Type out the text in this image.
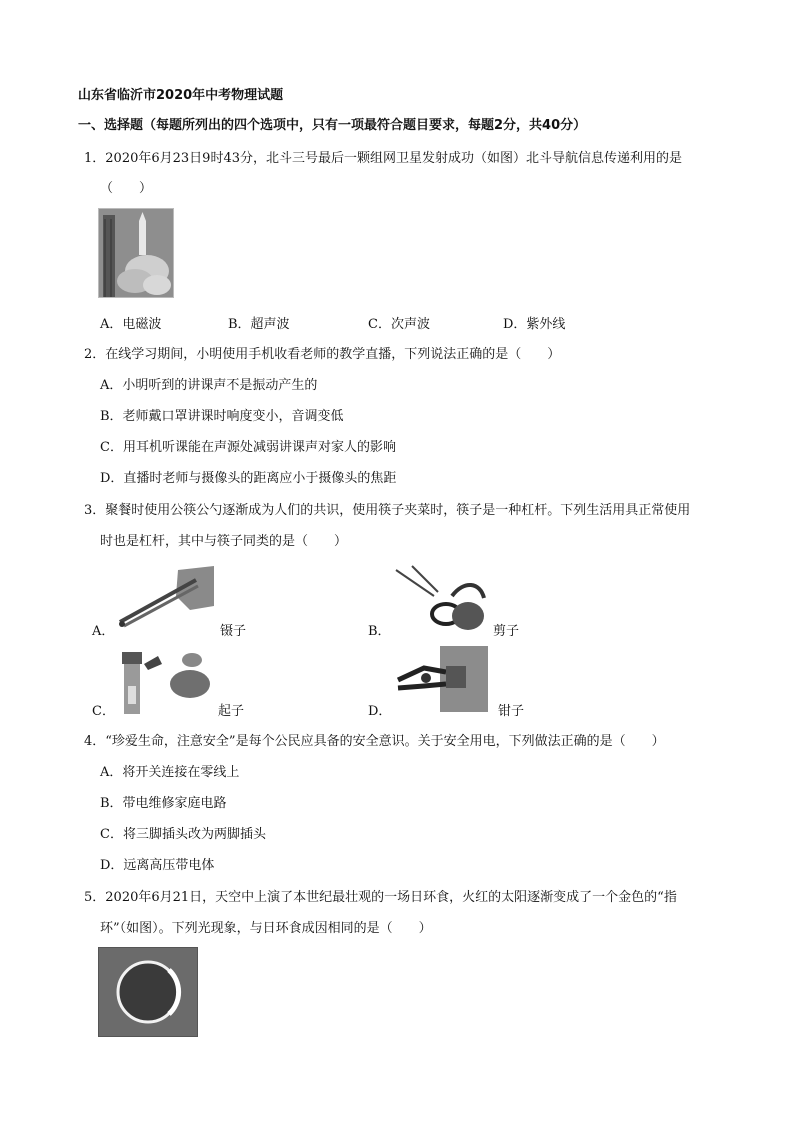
山东省临沂市2020年中考物理试题
一、选择题（每题所列出的四个选项中，只有一项最符合题目要求，每题2分，共40分）
1．2020年6月23日9时43分，北斗三号最后一颗组网卫星发射成功（如图）北斗导航信息传递利用的是
（　　）
A．电磁波	B．超声波	C．次声波	D．紫外线
2．在线学习期间，小明使用手机收看老师的教学直播，下列说法正确的是（　　）
A．小明听到的讲课声不是振动产生的
B．老师戴口罩讲课时响度变小，音调变低
C．用耳机听课能在声源处减弱讲课声对家人的影响
D．直播时老师与摄像头的距离应小于摄像头的焦距
3．聚餐时使用公筷公勺逐渐成为人们的共识，使用筷子夹菜时，筷子是一种杠杆。下列生活用具正常使用
时也是杠杆，其中与筷子同类的是（　　）
A．	镊子	B．	剪子
C．	起子	D．	钳子
4．“珍爱生命，注意安全”是每个公民应具备的安全意识。关于安全用电，下列做法正确的是（　　）
A．将开关连接在零线上
B．带电维修家庭电路
C．将三脚插头改为两脚插头
D．远离高压带电体
5．2020年6月21日，天空中上演了本世纪最壮观的一场日环食，火红的太阳逐渐变成了一个金色的“指
环”（如图）。下列光现象，与日环食成因相同的是（　　）
